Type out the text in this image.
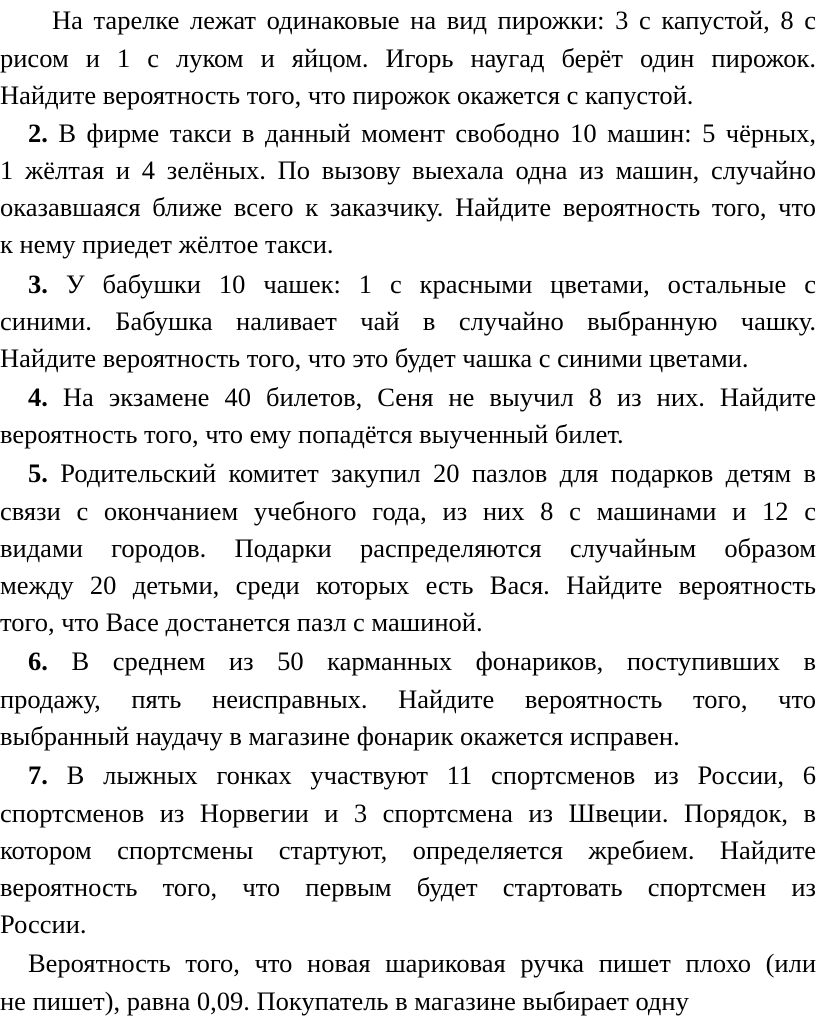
На тарелке лежат одинаковые на вид пирожки: 3 с капустой, 8 с
рисом и 1 с луком и яйцом. Игорь наугад берёт один пирожок.
Найдите вероятность того, что пирожок окажется с капустой.
2. В фирме такси в данный момент свободно 10 машин: 5 чёрных,
1 жёлтая и 4 зелёных. По вызову выехала одна из машин, случайно
оказавшаяся ближе всего к заказчику. Найдите вероятность того, что
к нему приедет жёлтое такси.
3. У бабушки 10 чашек: 1 с красными цветами, остальные с
синими. Бабушка наливает чай в случайно выбранную чашку.
Найдите вероятность того, что это будет чашка с синими цветами.
4. На экзамене 40 билетов, Сеня не выучил 8 из них. Найдите
вероятность того, что ему попадётся выученный билет.
5. Родительский комитет закупил 20 пазлов для подарков детям в
связи с окончанием учебного года, из них 8 с машинами и 12 с
видами городов. Подарки распределяются случайным образом
между 20 детьми, среди которых есть Вася. Найдите вероятность
того, что Васе достанется пазл с машиной.
6. В среднем из 50 карманных фонариков, поступивших в
продажу, пять неисправных. Найдите вероятность того, что
выбранный наудачу в магазине фонарик окажется исправен.
7. В лыжных гонках участвуют 11 спортсменов из России, 6
спортсменов из Норвегии и 3 спортсмена из Швеции. Порядок, в
котором спортсмены стартуют, определяется жребием. Найдите
вероятность того, что первым будет стартовать спортсмен из
России.
Вероятность того, что новая шариковая ручка пишет плохо (или
не пишет), равна 0,09. Покупатель в магазине выбирает одну
